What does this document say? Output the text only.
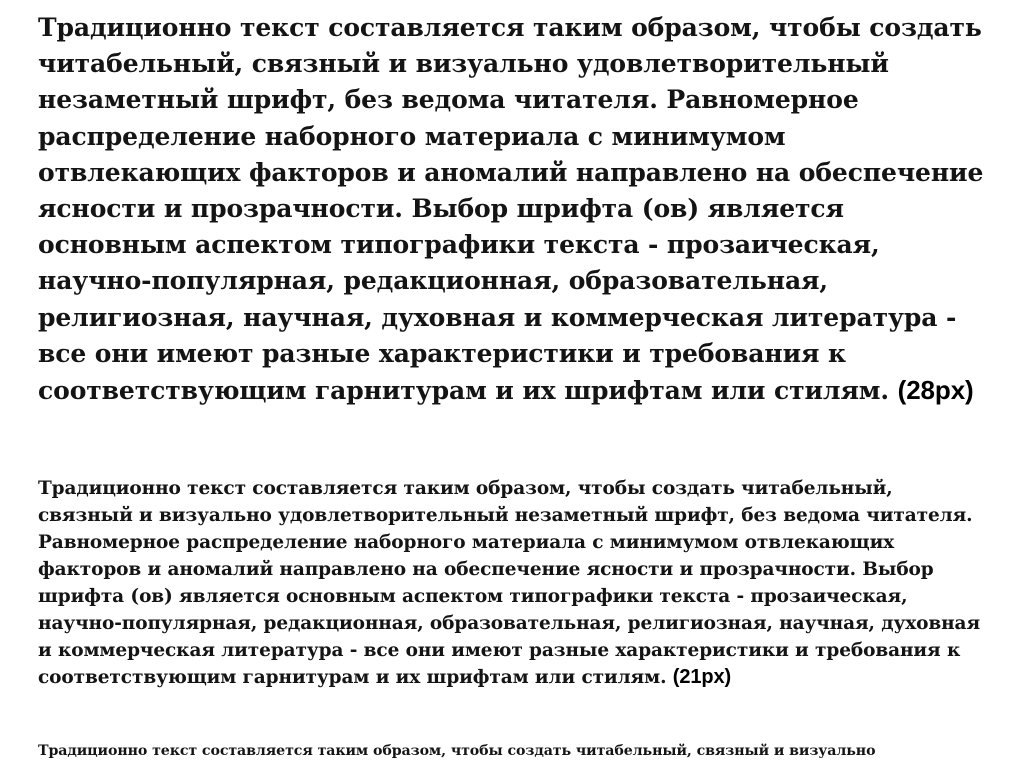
Традиционно текст составляется таким образом, чтобы создать читабельный, связный и визуально удовлетворительный незаметный шрифт, без ведома читателя. Равномерное распределение наборного материала с минимумом отвлекающих факторов и аномалий направлено на обеспечение ясности и прозрачности. Выбор шрифта (ов) является основным аспектом типографики текста - прозаическая, научно-популярная, редакционная, образовательная, религиозная, научная, духовная и коммерческая литература - все они имеют разные характеристики и требования к соответствующим гарнитурам и их шрифтам или стилям. (28px)

Традиционно текст составляется таким образом, чтобы создать читабельный, связный и визуально удовлетворительный незаметный шрифт, без ведома читателя. Равномерное распределение наборного материала с минимумом отвлекающих факторов и аномалий направлено на обеспечение ясности и прозрачности. Выбор шрифта (ов) является основным аспектом типографики текста - прозаическая, научно-популярная, редакционная, образовательная, религиозная, научная, духовная и коммерческая литература - все они имеют разные характеристики и требования к соответствующим гарнитурам и их шрифтам или стилям. (21px)

Традиционно текст составляется таким образом, чтобы создать читабельный, связный и визуально
